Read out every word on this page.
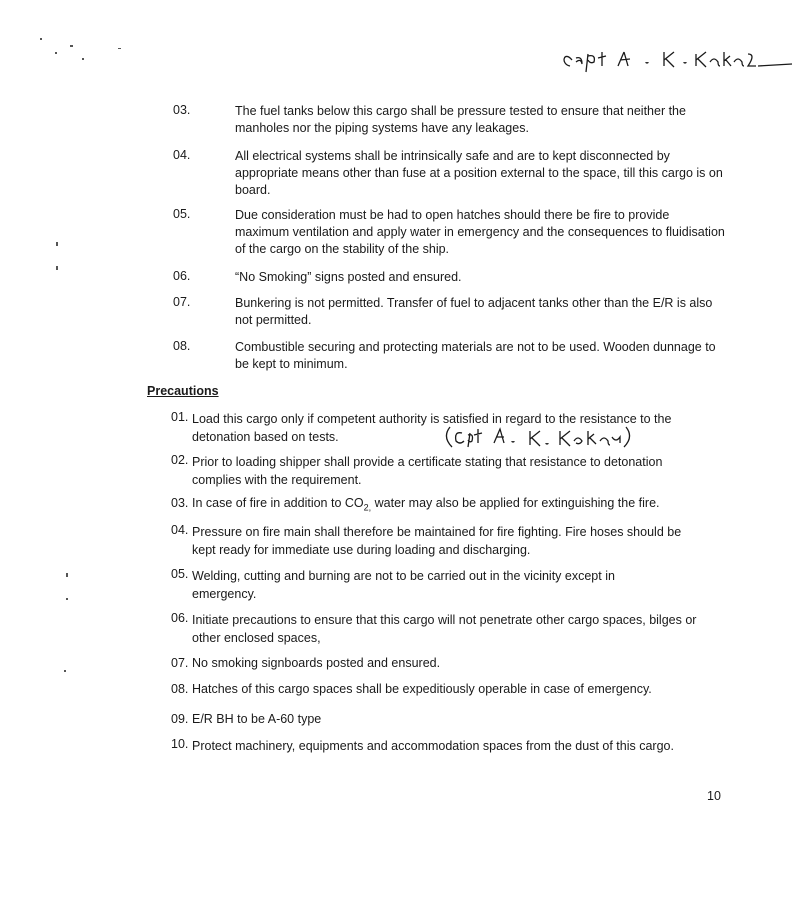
03.	The fuel tanks below this cargo shall be pressure tested to ensure that neither the manholes nor the piping systems have any leakages.
04.	All electrical systems shall be intrinsically safe and are to kept disconnected by appropriate means other than fuse at a position external to the space, till this cargo is on board.
05.	Due consideration must be had to open hatches should there be fire to provide maximum ventilation and apply water in emergency and the consequences to fluidisation of the cargo on the stability of the ship.
06.	“No Smoking” signs posted and ensured.
07.	Bunkering is not permitted. Transfer of fuel to adjacent tanks other than the E/R is also not permitted.
08.	Combustible securing and protecting materials are not to be used. Wooden dunnage to be kept to minimum.
Precautions
01. Load this cargo only if competent authority is satisfied in regard to the resistance to the detonation based on tests.
02. Prior to loading shipper shall provide a certificate stating that resistance to detonation complies with the requirement.
03. In case of fire in addition to $CO_{2,}$ water may also be applied for extinguishing the fire.
04. Pressure on fire main shall therefore be maintained for fire fighting. Fire hoses should be kept ready for immediate use during loading and discharging.
05. Welding, cutting and burning are not to be carried out in the vicinity except in emergency.
06. Initiate precautions to ensure that this cargo will not penetrate other cargo spaces, bilges or other enclosed spaces,
07. No smoking signboards posted and ensured.
08. Hatches of this cargo spaces shall be expeditiously operable in case of emergency.
09. E/R BH to be A-60 type
10. Protect machinery, equipments and accommodation spaces from the dust of this cargo.
10
